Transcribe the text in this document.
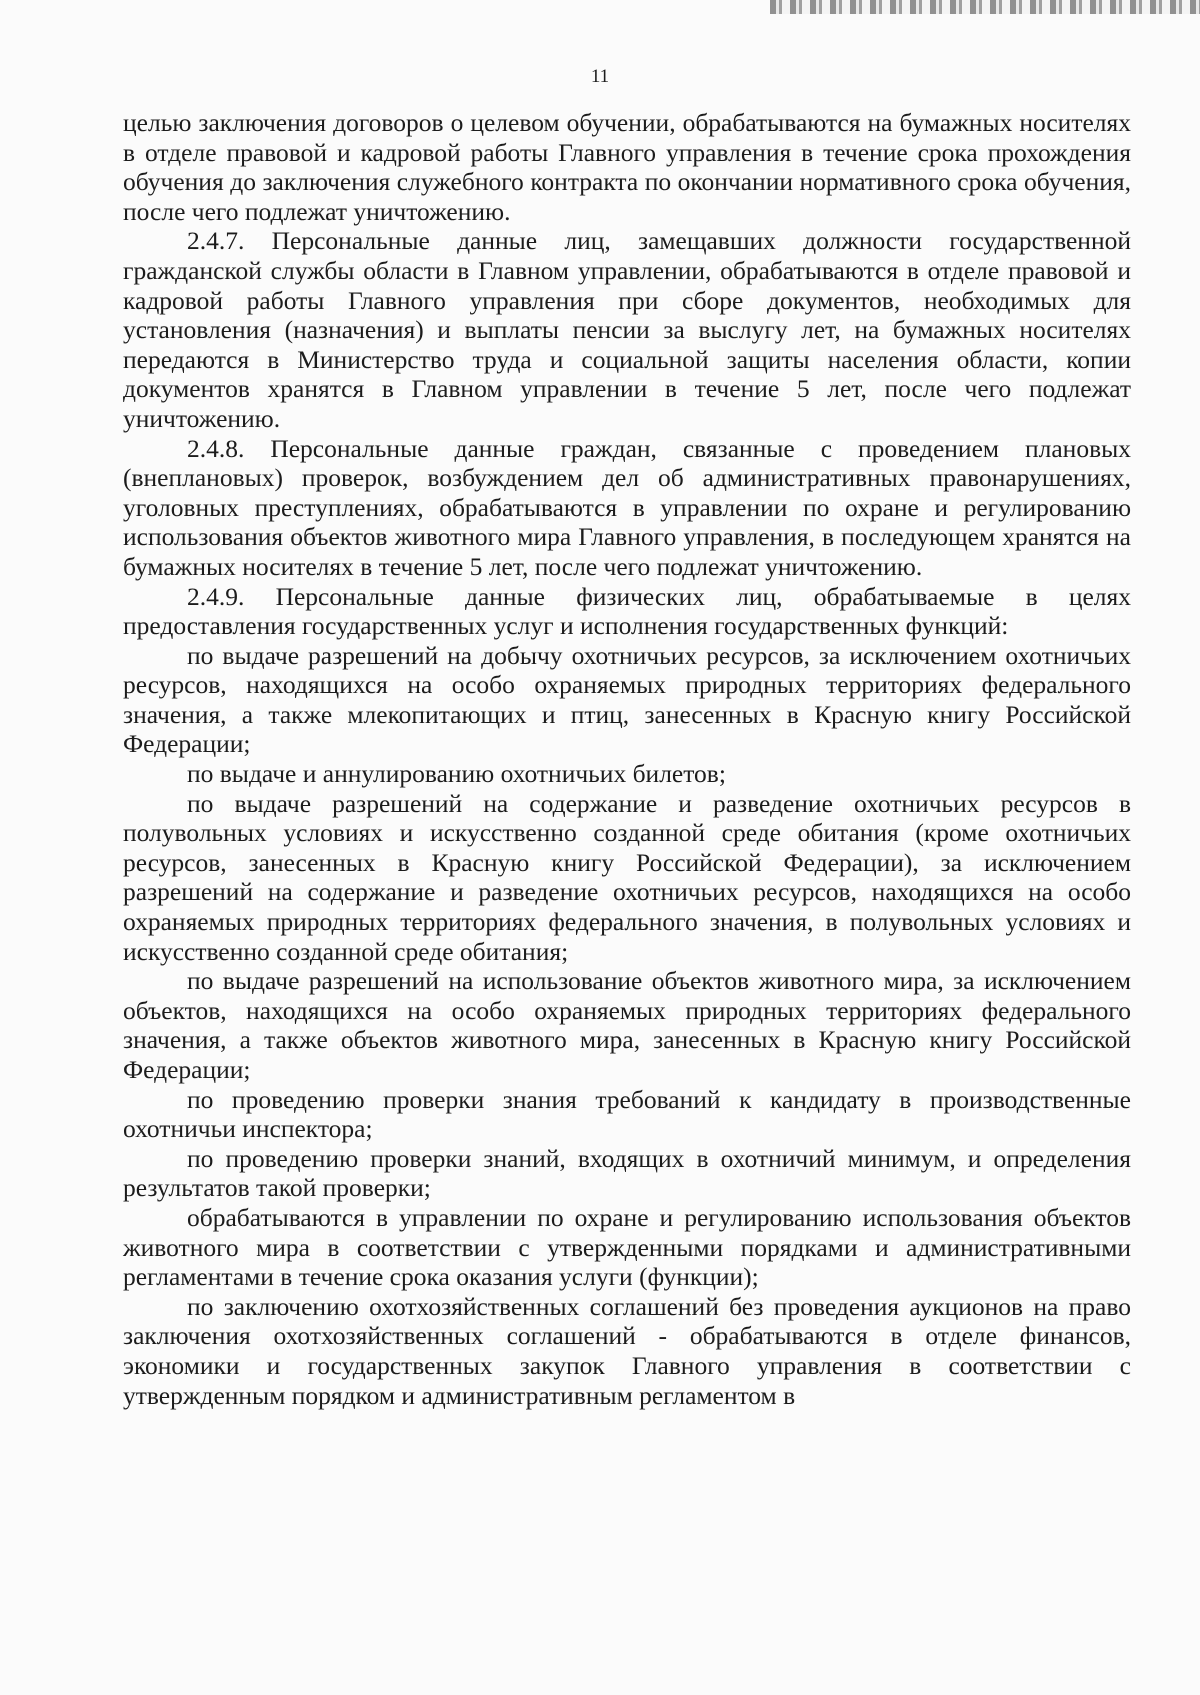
11

целью заключения договоров о целевом обучении, обрабатываются на бумажных носителях в отделе правовой и кадровой работы Главного управления в течение срока прохождения обучения до заключения служебного контракта по окончании нормативного срока обучения, после чего подлежат уничтожению.

2.4.7. Персональные данные лиц, замещавших должности государственной гражданской службы области в Главном управлении, обрабатываются в отделе правовой и кадровой работы Главного управления при сборе документов, необходимых для установления (назначения) и выплаты пенсии за выслугу лет, на бумажных носителях передаются в Министерство труда и социальной защиты населения области, копии документов хранятся в Главном управлении в течение 5 лет, после чего подлежат уничтожению.

2.4.8. Персональные данные граждан, связанные с проведением плановых (внеплановых) проверок, возбуждением дел об административных правонарушениях, уголовных преступлениях, обрабатываются в управлении по охране и регулированию использования объектов животного мира Главного управления, в последующем хранятся на бумажных носителях в течение 5 лет, после чего подлежат уничтожению.

2.4.9. Персональные данные физических лиц, обрабатываемые в целях предоставления государственных услуг и исполнения государственных функций:

по выдаче разрешений на добычу охотничьих ресурсов, за исключением охотничьих ресурсов, находящихся на особо охраняемых природных территориях федерального значения, а также млекопитающих и птиц, занесенных в Красную книгу Российской Федерации;

по выдаче и аннулированию охотничьих билетов;

по выдаче разрешений на содержание и разведение охотничьих ресурсов в полувольных условиях и искусственно созданной среде обитания (кроме охотничьих ресурсов, занесенных в Красную книгу Российской Федерации), за исключением разрешений на содержание и разведение охотничьих ресурсов, находящихся на особо охраняемых природных территориях федерального значения, в полувольных условиях и искусственно созданной среде обитания;

по выдаче разрешений на использование объектов животного мира, за исключением объектов, находящихся на особо охраняемых природных территориях федерального значения, а также объектов животного мира, занесенных в Красную книгу Российской Федерации;

по проведению проверки знания требований к кандидату в производственные охотничьи инспектора;

по проведению проверки знаний, входящих в охотничий минимум, и определения результатов такой проверки;

обрабатываются в управлении по охране и регулированию использования объектов животного мира в соответствии с утвержденными порядками и административными регламентами в течение срока оказания услуги (функции);

по заключению охотхозяйственных соглашений без проведения аукционов на право заключения охотхозяйственных соглашений - обрабатываются в отделе финансов, экономики и государственных закупок Главного управления в соответствии с утвержденным порядком и административным регламентом в
